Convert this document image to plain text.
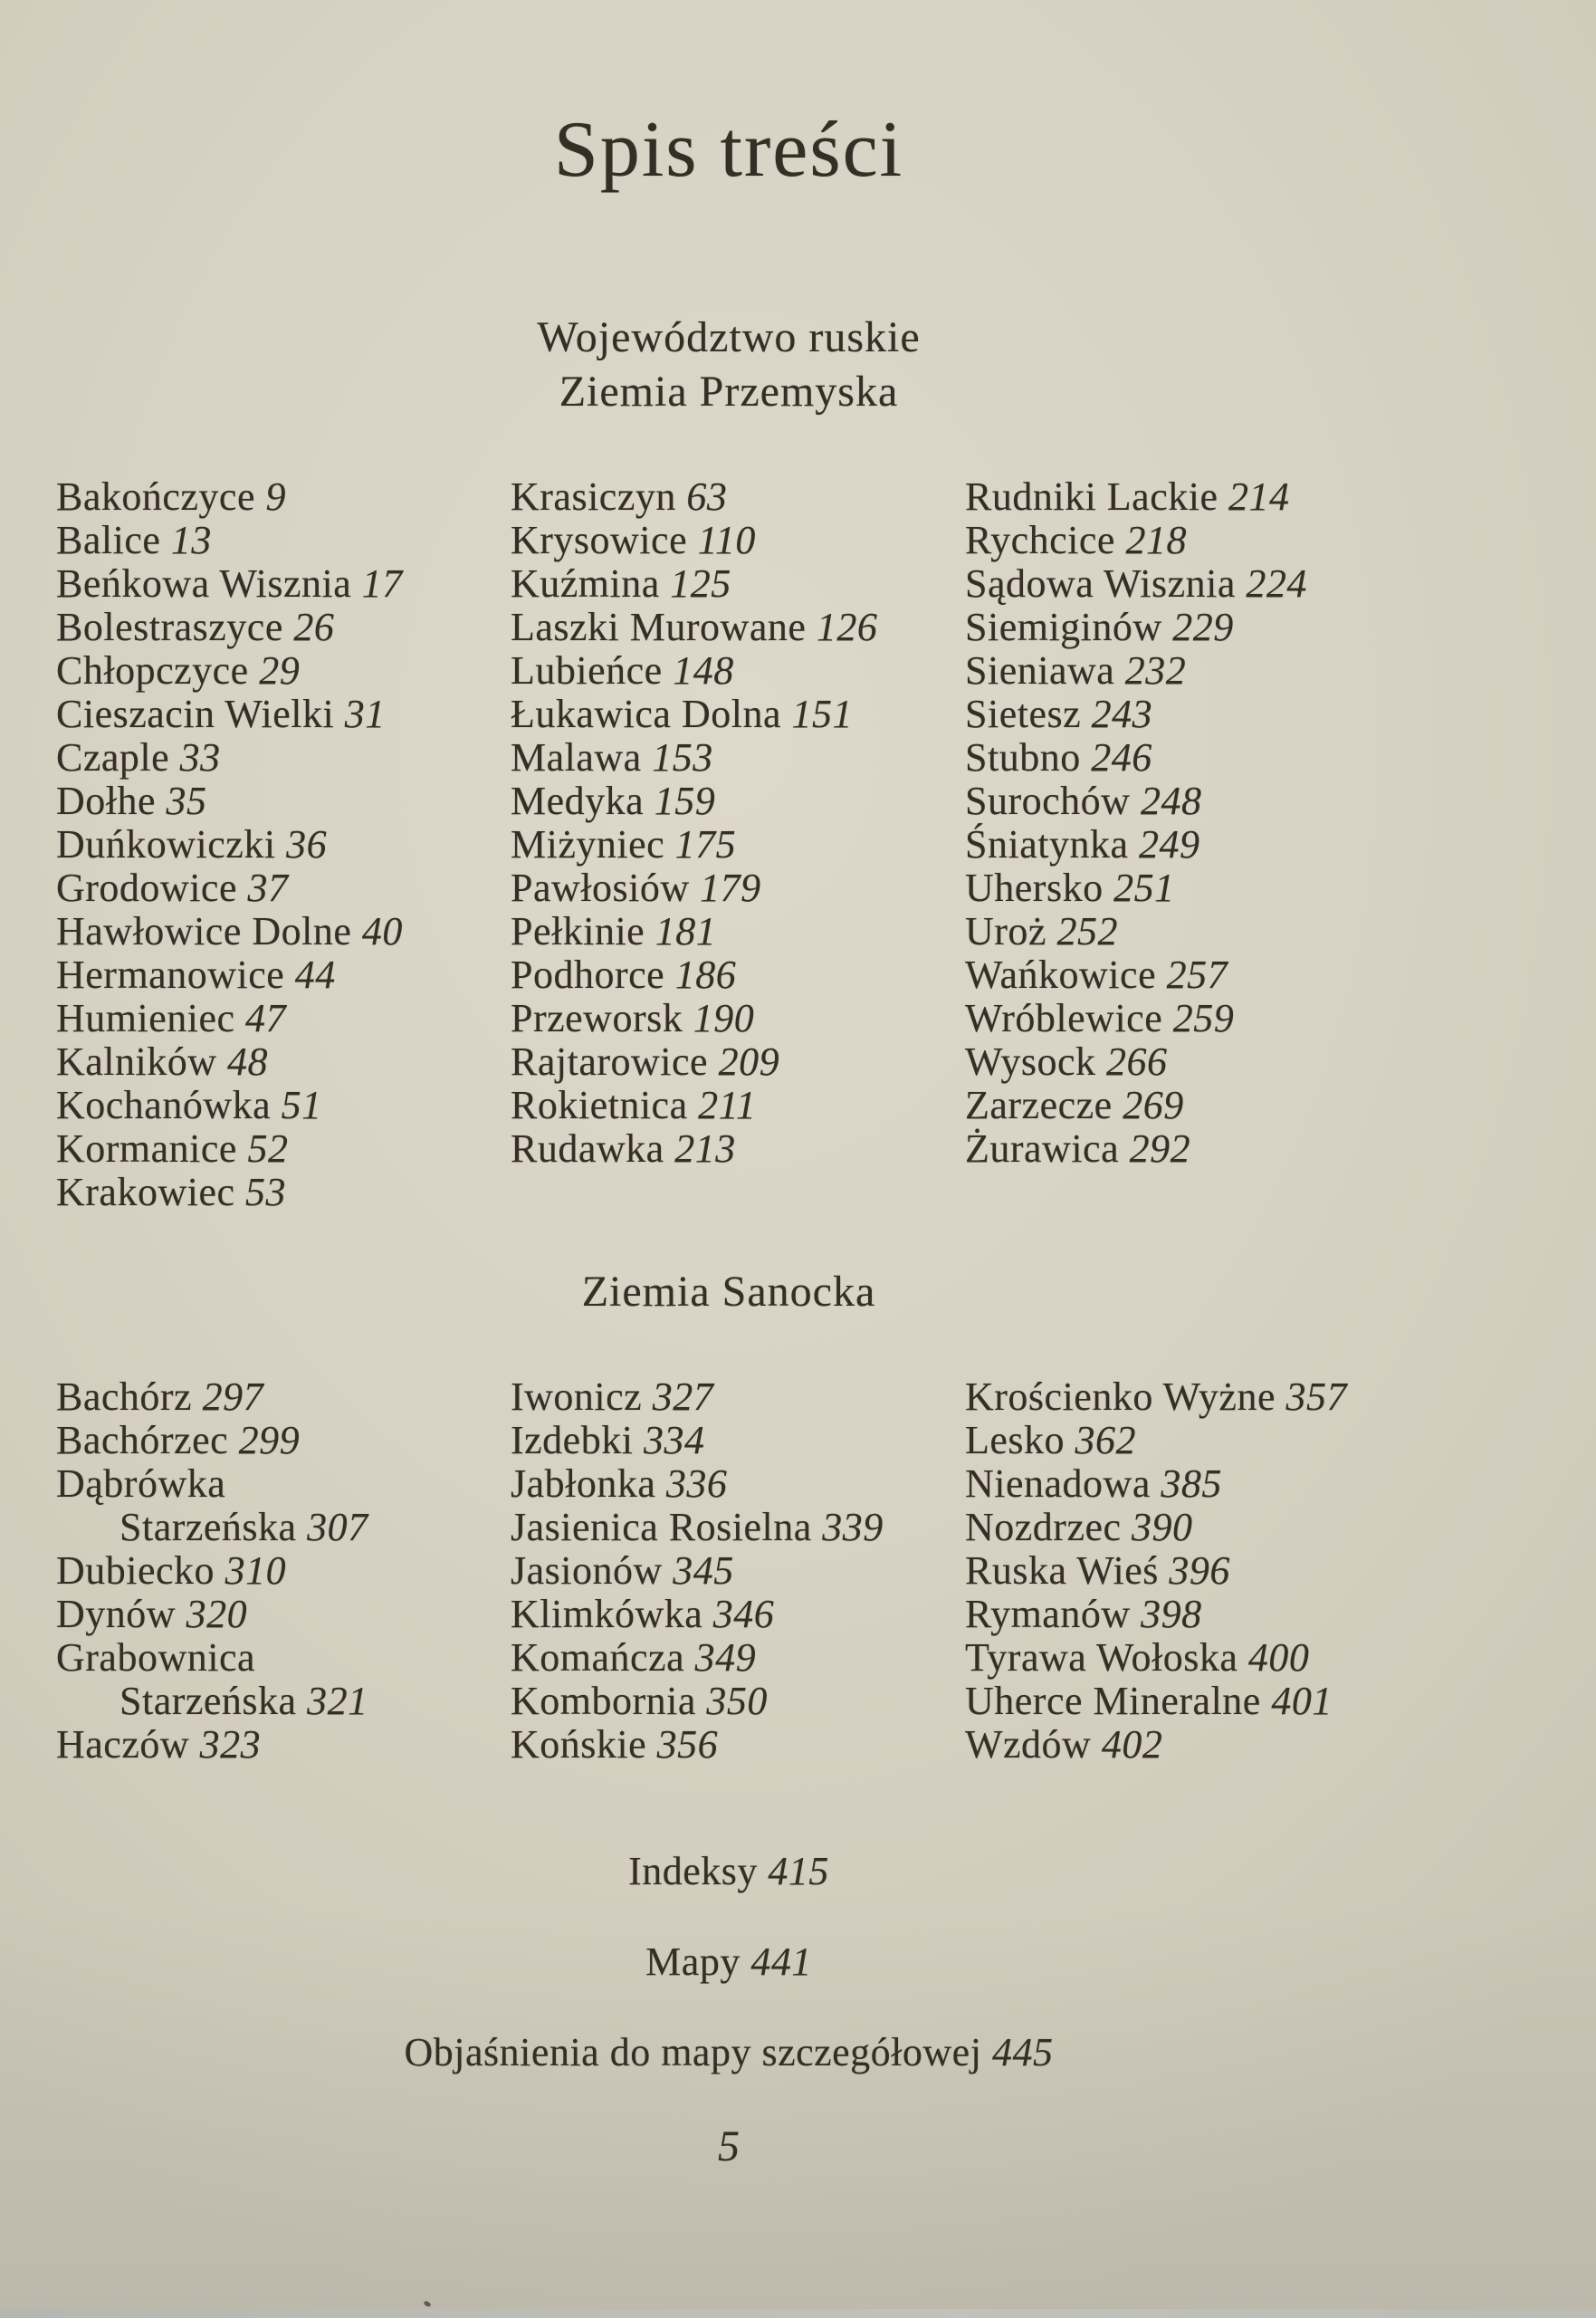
Spis treści
Województwo ruskie
Ziemia Przemyska
Bakończyce 9
Balice 13
Beńkowa Wisznia 17
Bolestraszyce 26
Chłopczyce 29
Cieszacin Wielki 31
Czaple 33
Dołhe 35
Duńkowiczki 36
Grodowice 37
Hawłowice Dolne 40
Hermanowice 44
Humieniec 47
Kalników 48
Kochanówka 51
Kormanice 52
Krakowiec 53
Krasiczyn 63
Krysowice 110
Kuźmina 125
Laszki Murowane 126
Lubieńce 148
Łukawica Dolna 151
Malawa 153
Medyka 159
Miżyniec 175
Pawłosiów 179
Pełkinie 181
Podhorce 186
Przeworsk 190
Rajtarowice 209
Rokietnica 211
Rudawka 213
Rudniki Lackie 214
Rychcice 218
Sądowa Wisznia 224
Siemiginów 229
Sieniawa 232
Sietesz 243
Stubno 246
Surochów 248
Śniatynka 249
Uhersko 251
Uroż 252
Wańkowice 257
Wróblewice 259
Wysock 266
Zarzecze 269
Żurawica 292
Ziemia Sanocka
Bachórz 297
Bachórzec 299
Dąbrówka
Starzeńska 307
Dubiecko 310
Dynów 320
Grabownica
Starzeńska 321
Haczów 323
Iwonicz 327
Izdebki 334
Jabłonka 336
Jasienica Rosielna 339
Jasionów 345
Klimkówka 346
Komańcza 349
Kombornia 350
Końskie 356
Krościenko Wyżne 357
Lesko 362
Nienadowa 385
Nozdrzec 390
Ruska Wieś 396
Rymanów 398
Tyrawa Wołoska 400
Uherce Mineralne 401
Wzdów 402
Indeksy 415
Mapy 441
Objaśnienia do mapy szczegółowej 445
5
